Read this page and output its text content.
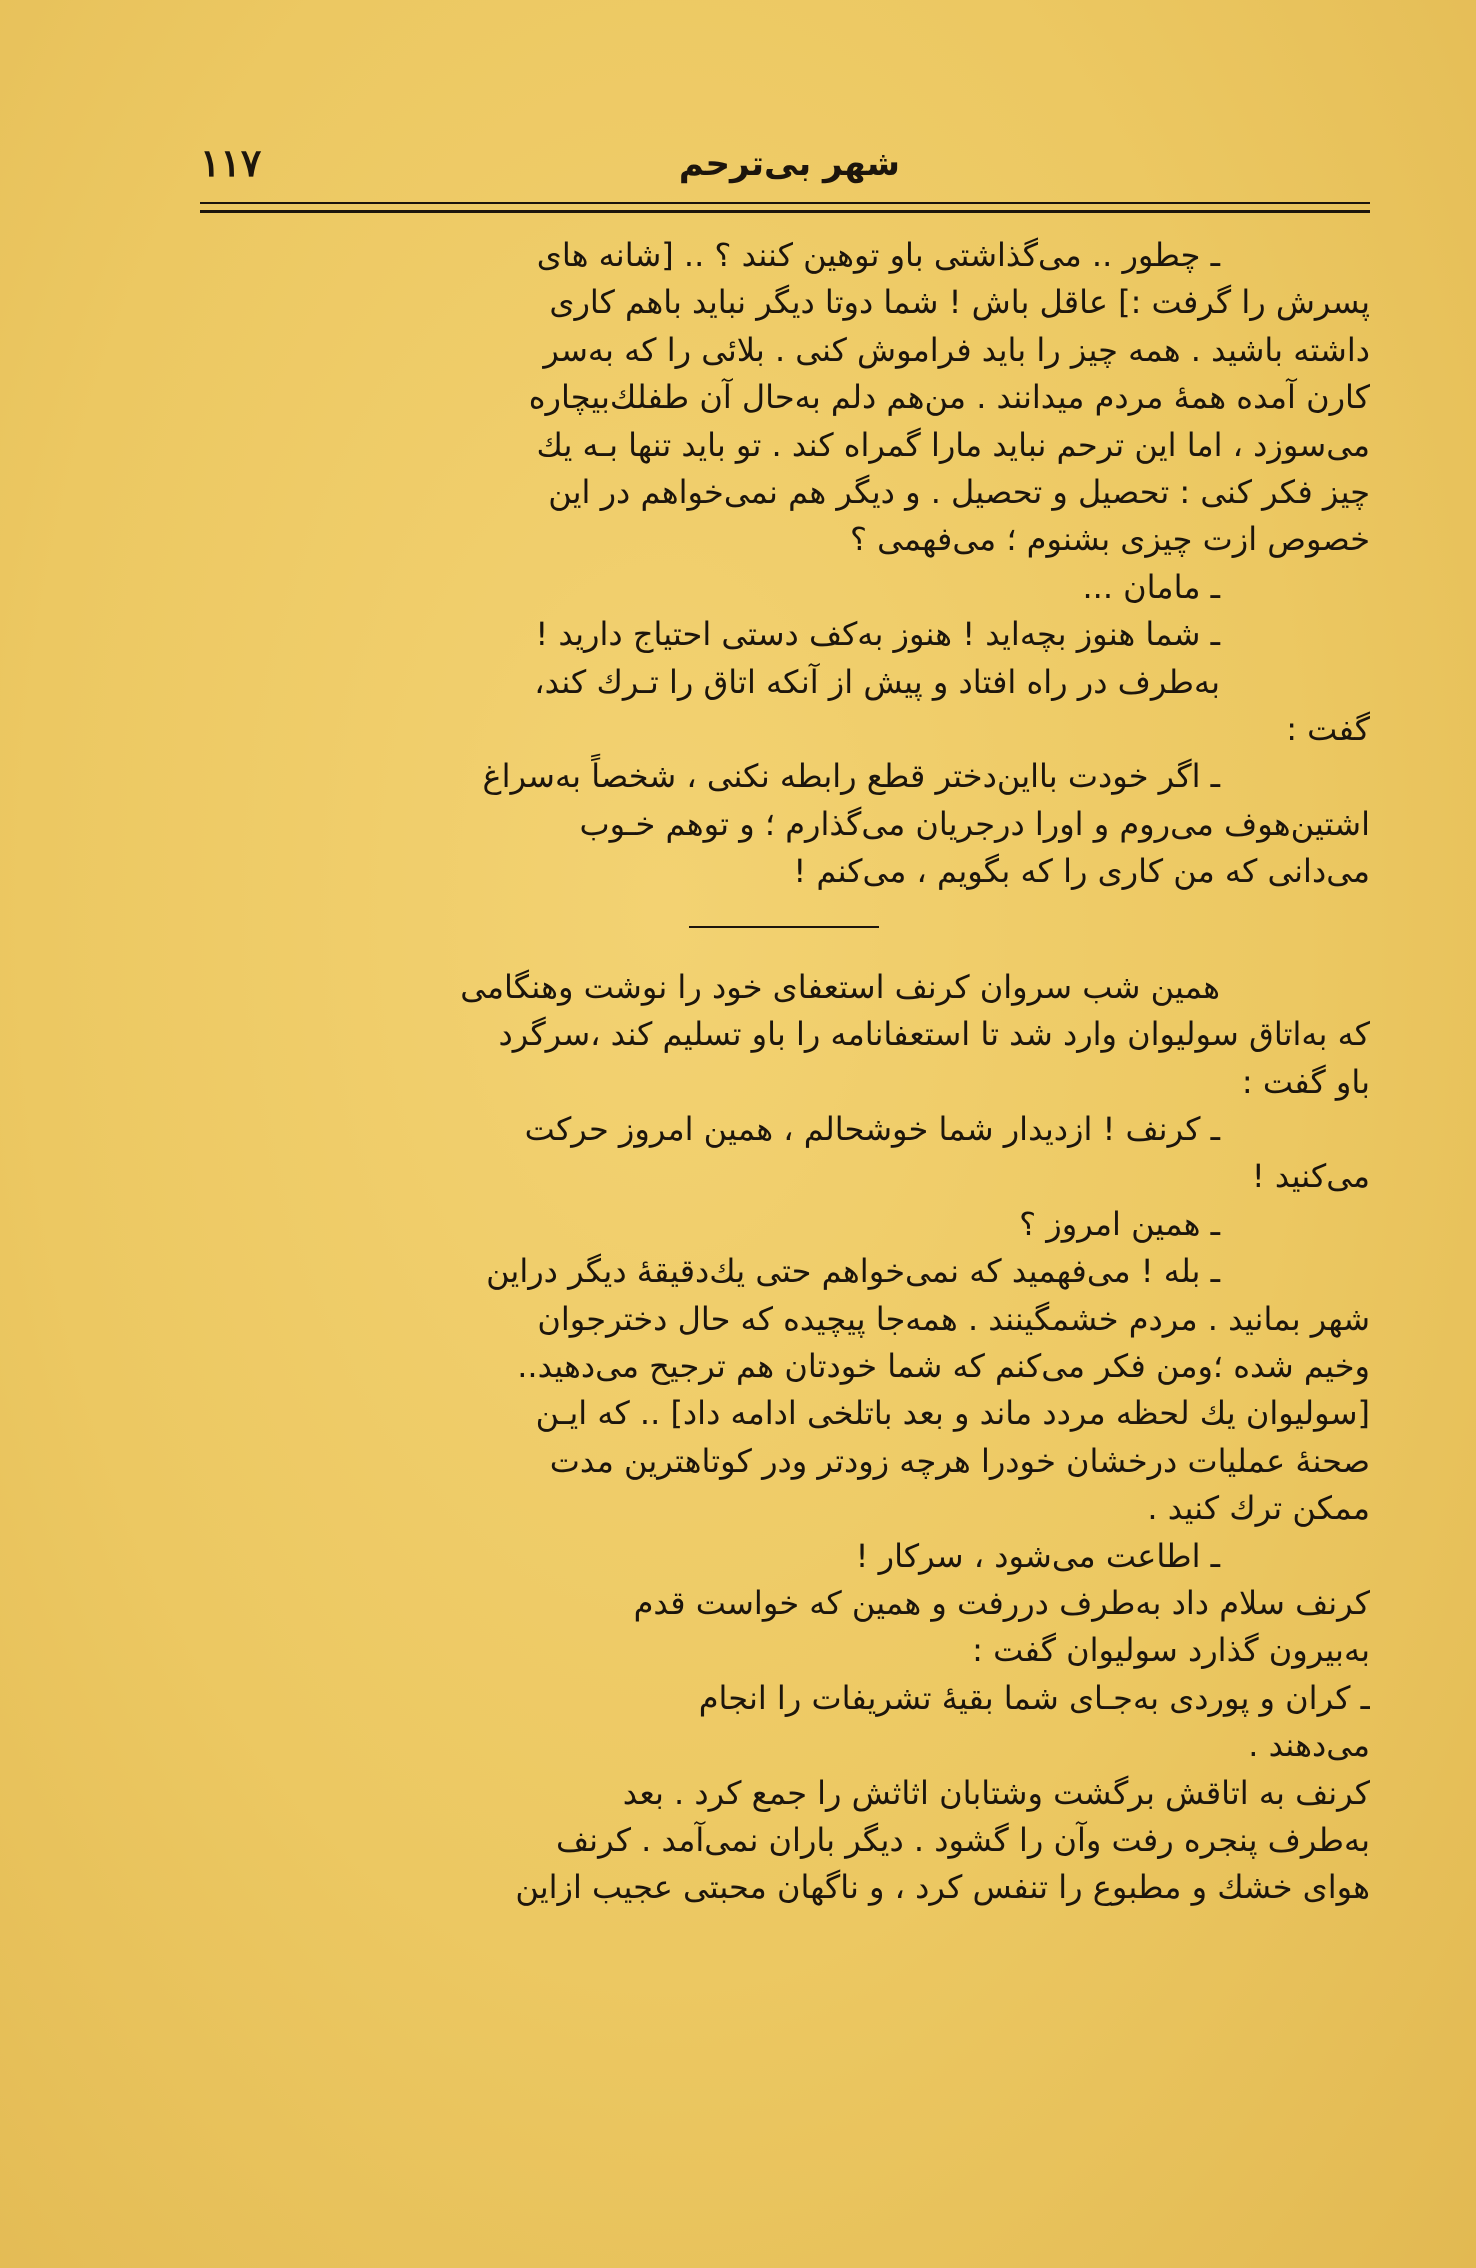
شهر بی‌ترحم
۱۱۷
ـ چطور .. می‌گذاشتی باو توهین کنند ؟ .. [شانه های
پسرش را گرفت :] عاقل باش ! شما دوتا دیگر نباید باهم کاری
داشته باشید . همه چیز را باید فراموش کنی . بلائی را که به‌سر
کارن آمده همهٔ مردم میدانند . من‌هم دلم به‌حال آن طفلك‌بیچاره
می‌سوزد ، اما این ترحم نباید مارا گمراه کند . تو باید تنها بـه یك
چیز فکر کنی : تحصیل و تحصیل . و دیگر هم نمی‌خواهم در این
خصوص ازت چیزی بشنوم ؛ می‌فهمی ؟
ـ مامان ...
ـ شما هنوز بچه‌اید ! هنوز به‌کف دستی احتیاج دارید !
به‌طرف در راه افتاد و پیش از آنکه اتاق را تـرك کند،
گفت :
ـ اگر خودت بااین‌دختر قطع رابطه نکنی ، شخصاً به‌سراغ
اشتین‌هوف می‌روم و اورا درجریان می‌گذارم ؛ و توهم خـوب
می‌دانی که من کاری را که بگویم ، می‌کنم !
همین شب سروان کرنف استعفای خود را نوشت وهنگامی
که به‌اتاق سولیوان وارد شد تا استعفانامه را باو تسلیم کند ،سرگرد
باو گفت :
ـ کرنف ! ازدیدار شما خوشحالم ، همین امروز حرکت
می‌کنید !
ـ همین امروز ؟
ـ بله ! می‌فهمید که نمی‌خواهم حتی یك‌دقیقهٔ دیگر دراین
شهر بمانید . مردم خشمگینند . همه‌جا پیچیده که حال دخترجوان
وخیم شده ؛ومن فکر می‌کنم که شما خودتان هم ترجیح می‌دهید..
[سولیوان یك لحظه مردد ماند و بعد باتلخی ادامه داد] .. که ایـن
صحنهٔ عملیات درخشان خودرا هرچه زودتر ودر کوتاهترین مدت
ممکن ترك کنید .
ـ اطاعت می‌شود ، سرکار !
کرنف سلام داد به‌طرف دررفت و همین که خواست قدم
به‌بیرون گذارد سولیوان گفت :
ـ کران و پوردی به‌جـای شما بقیهٔ تشریفات را انجام
می‌دهند .
کرنف به اتاقش برگشت وشتابان اثاثش را جمع کرد . بعد
به‌طرف پنجره رفت وآن را گشود . دیگر باران نمی‌آمد . کرنف
هوای خشك و مطبوع را تنفس کرد ، و ناگهان محبتی عجیب ازاین
